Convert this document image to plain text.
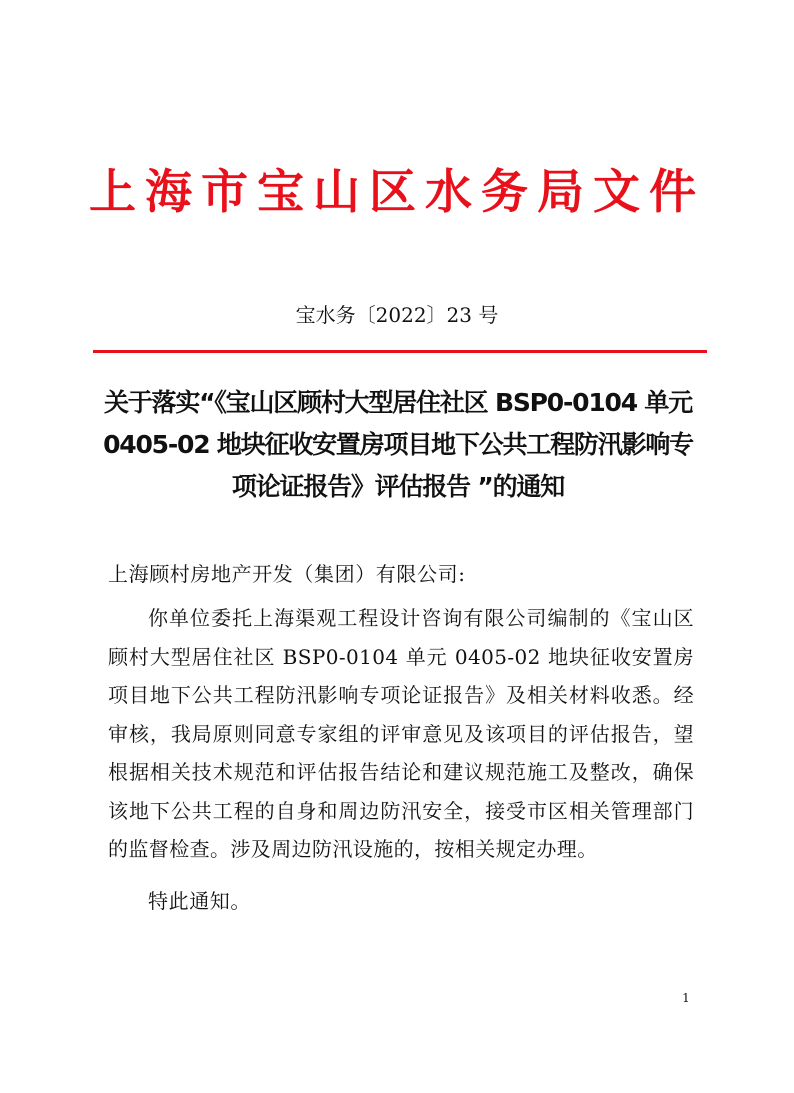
上海市宝山区水务局文件
宝水务〔2022〕23 号
关于落实“《宝山区顾村大型居住社区 BSP0-0104 单元 0405-02 地块征收安置房项目地下公共工程防汛影响专项论证报告》评估报告 ”的通知
上海顾村房地产开发（集团）有限公司:
你单位委托上海渠观工程设计咨询有限公司编制的《宝山区顾村大型居住社区 BSP0-0104 单元 0405-02 地块征收安置房项目地下公共工程防汛影响专项论证报告》及相关材料收悉。经审核，我局原则同意专家组的评审意见及该项目的评估报告，望根据相关技术规范和评估报告结论和建议规范施工及整改，确保该地下公共工程的自身和周边防汛安全，接受市区相关管理部门的监督检查。涉及周边防汛设施的，按相关规定办理。
特此通知。
1
